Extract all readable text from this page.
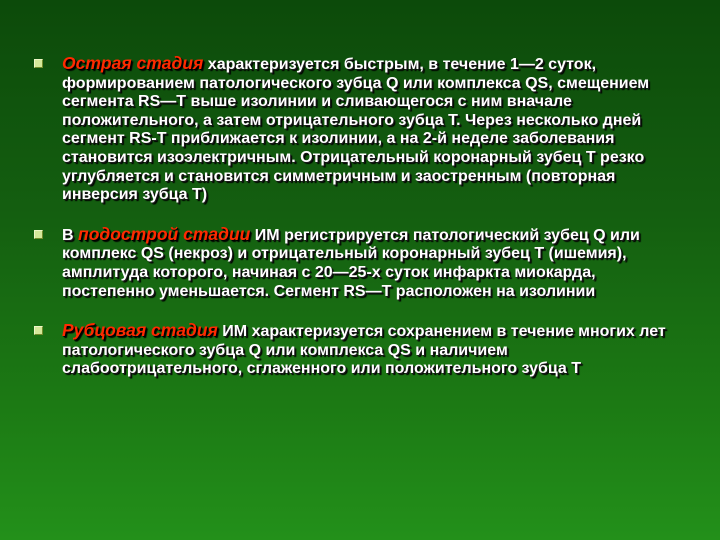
Острая стадия характеризуется быстрым, в течение 1—2 суток, формированием патологического зубца Q или комплекса QS, смещением сегмента RS—T выше изолинии и сливающегося с ним вначале положительного, а затем отрицательного зубца T. Через несколько дней сегмент RS-T приближается к изолинии, а на 2-й неделе заболевания становится изоэлектричным. Отрицательный коронарный зубец T резко углубляется и становится симметричным и заостренным (повторная инверсия зубца T)
В подострой стадии ИМ регистрируется патологический зубец Q или комплекс QS (некроз) и отрицательный коронарный зубец T (ишемия), амплитуда которого, начиная с 20—25-х суток инфаркта миокарда, постепенно уменьшается. Сегмент RS—T расположен на изолинии
Рубцовая стадия ИМ характеризуется сохранением в течение многих лет патологического зубца Q или комплекса QS и наличием слабоотрицательного, сглаженного или положительного зубца T
